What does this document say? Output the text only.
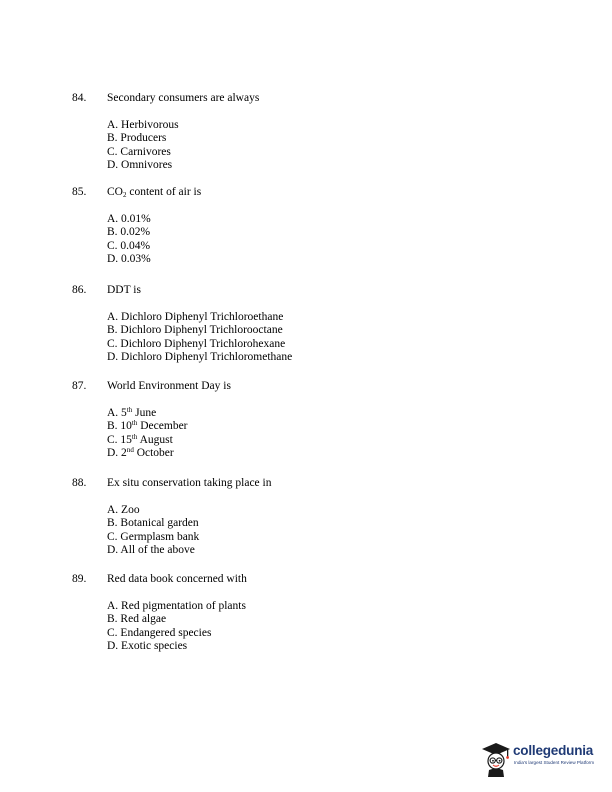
84.	Secondary consumers are always
A. Herbivorous
B. Producers
C. Carnivores
D. Omnivores
85.	$CO_2$ content of air is
A. 0.01%
B. 0.02%
C. 0.04%
D. 0.03%
86.	DDT is
A. Dichloro Diphenyl Trichloroethane
B. Dichloro Diphenyl Trichlorooctane
C. Dichloro Diphenyl Trichlorohexane
D. Dichloro Diphenyl Trichloromethane
87.	World Environment Day is
A. 5th June
B. 10th December
C. 15th August
D. 2nd October
88.	Ex situ conservation taking place in
A. Zoo
B. Botanical garden
C. Germplasm bank
D. All of the above
89.	Red data book concerned with
A. Red pigmentation of plants
B. Red algae
C. Endangered species
D. Exotic species
collegedunia
India's largest Student Review Platform
